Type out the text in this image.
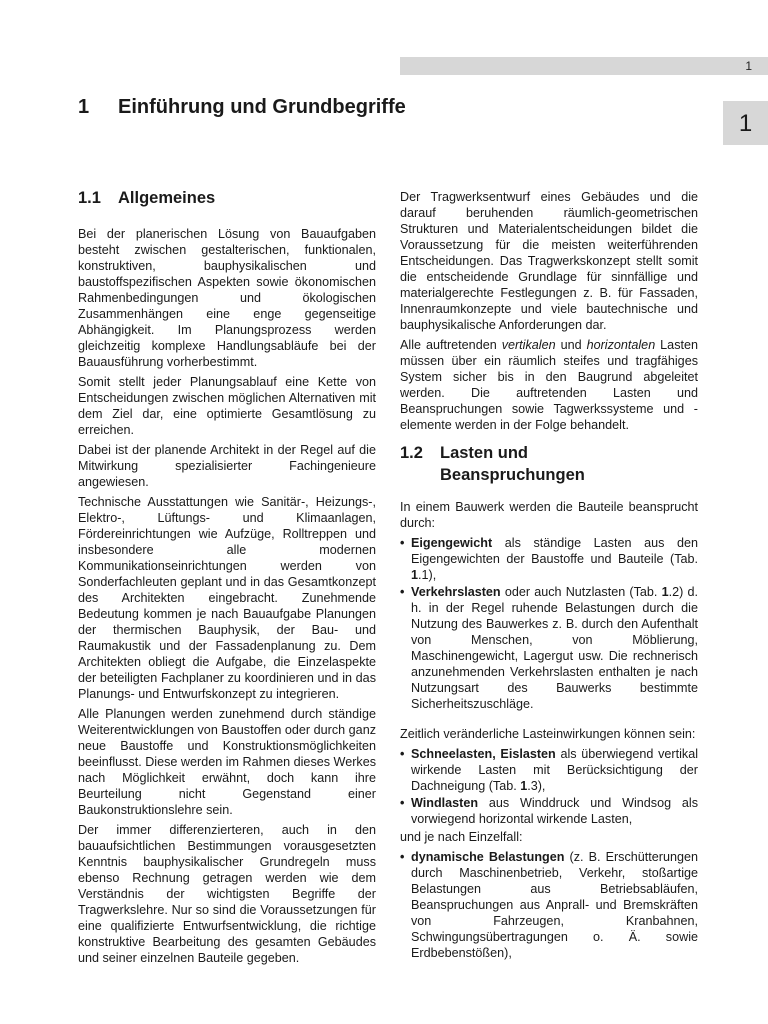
1
1
1 Einführung und Grundbegriffe
1.1 Allgemeines

Bei der planerischen Lösung von Bauaufgaben besteht zwischen gestalterischen, funktionalen, konstruktiven, bauphysikalischen und baustoffspezifischen Aspekten sowie ökonomischen Rahmenbedingungen und ökologischen Zusammenhängen eine enge gegenseitige Abhängigkeit. Im Planungsprozess werden gleichzeitig komplexe Handlungsabläufe bei der Bauausführung vorherbestimmt.

Somit stellt jeder Planungsablauf eine Kette von Entscheidungen zwischen möglichen Alternativen mit dem Ziel dar, eine optimierte Gesamtlösung zu erreichen.

Dabei ist der planende Architekt in der Regel auf die Mitwirkung spezialisierter Fachingenieure angewiesen.

Technische Ausstattungen wie Sanitär-, Heizungs-, Elektro-, Lüftungs- und Klimaanlagen, Fördereinrichtungen wie Aufzüge, Rolltreppen und insbesondere alle modernen Kommunikationseinrichtungen werden von Sonderfachleuten geplant und in das Gesamtkonzept des Architekten eingebracht. Zunehmende Bedeutung kommen je nach Bauaufgabe Planungen der thermischen Bauphysik, der Bau- und Raumakustik und der Fassadenplanung zu. Dem Architekten obliegt die Aufgabe, die Einzelaspekte der beteiligten Fachplaner zu koordinieren und in das Planungs- und Entwurfskonzept zu integrieren.

Alle Planungen werden zunehmend durch ständige Weiterentwicklungen von Baustoffen oder durch ganz neue Baustoffe und Konstruktionsmöglichkeiten beeinflusst. Diese werden im Rahmen dieses Werkes nach Möglichkeit erwähnt, doch kann ihre Beurteilung nicht Gegenstand einer Baukonstruktionslehre sein.

Der immer differenzierteren, auch in den bauaufsichtlichen Bestimmungen vorausgesetzten Kenntnis bauphysikalischer Grundregeln muss ebenso Rechnung getragen werden wie dem Verständnis der wichtigsten Begriffe der Tragwerkslehre. Nur so sind die Voraussetzungen für eine qualifizierte Entwurfsentwicklung, die richtige konstruktive Bearbeitung des gesamten Gebäudes und seiner einzelnen Bauteile gegeben.

Der Tragwerksentwurf eines Gebäudes und die darauf beruhenden räumlich-geometrischen Strukturen und Materialentscheidungen bildet die Voraussetzung für die meisten weiterführenden Entscheidungen. Das Tragwerkskonzept stellt somit die entscheidende Grundlage für sinnfällige und materialgerechte Festlegungen z. B. für Fassaden, Innenraumkonzepte und viele bautechnische und bauphysikalische Anforderungen dar.

Alle auftretenden vertikalen und horizontalen Lasten müssen über ein räumlich steifes und tragfähiges System sicher bis in den Baugrund abgeleitet werden. Die auftretenden Lasten und Beanspruchungen sowie Tagwerkssysteme und -elemente werden in der Folge behandelt.

1.2 Lasten und
Beanspruchungen

In einem Bauwerk werden die Bauteile beansprucht durch:

• Eigengewicht als ständige Lasten aus den Eigengewichten der Baustoffe und Bauteile (Tab. 1.1),
• Verkehrslasten oder auch Nutzlasten (Tab. 1.2) d. h. in der Regel ruhende Belastungen durch die Nutzung des Bauwerkes z. B. durch den Aufenthalt von Menschen, von Möblierung, Maschinengewicht, Lagergut usw. Die rechnerisch anzunehmenden Verkehrslasten enthalten je nach Nutzungsart des Bauwerks bestimmte Sicherheitszuschläge.

Zeitlich veränderliche Lasteinwirkungen können sein:

• Schneelasten, Eislasten als überwiegend vertikal wirkende Lasten mit Berücksichtigung der Dachneigung (Tab. 1.3),
• Windlasten aus Winddruck und Windsog als vorwiegend horizontal wirkende Lasten,

und je nach Einzelfall:

• dynamische Belastungen (z. B. Erschütterungen durch Maschinenbetrieb, Verkehr, stoßartige Belastungen aus Betriebsabläufen, Beanspruchungen aus Anprall- und Bremskräften von Fahrzeugen, Kranbahnen, Schwingungsübertragungen o. Ä. sowie Erdbebenstößen),
